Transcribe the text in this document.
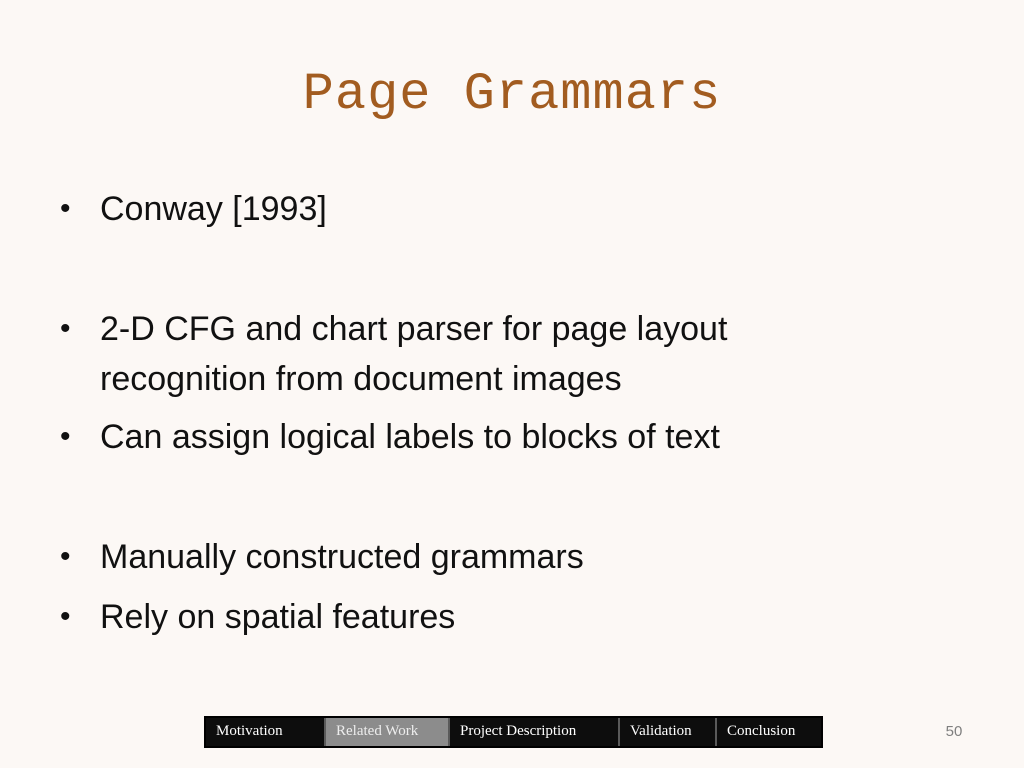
Page Grammars
• Conway [1993]
• 2-D CFG and chart parser for page layout recognition from document images
• Can assign logical labels to blocks of text
• Manually constructed grammars
• Rely on spatial features
Motivation	Related Work	Project Description	Validation	Conclusion	50
